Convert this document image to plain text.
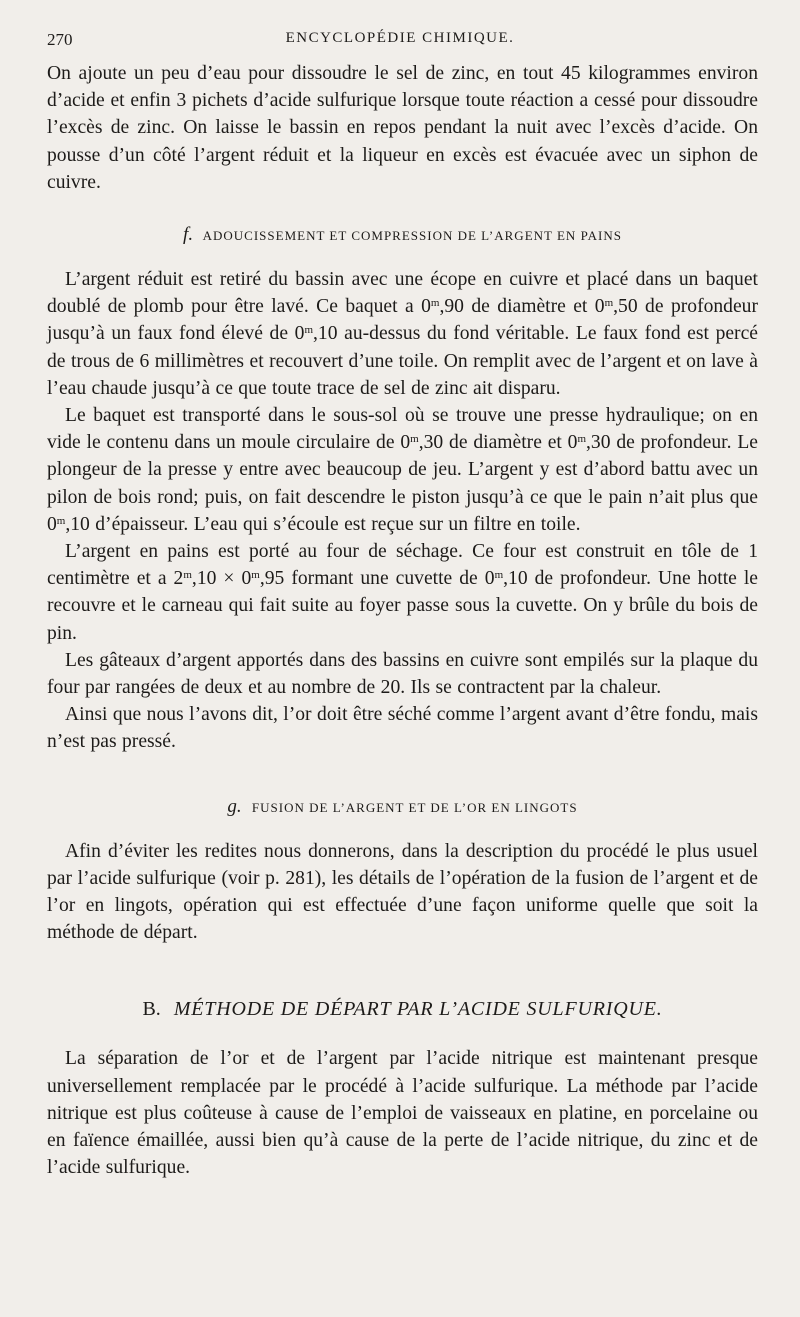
270	ENCYCLOPÉDIE CHIMIQUE.

On ajoute un peu d’eau pour dissoudre le sel de zinc, en tout 45 kilogrammes environ d’acide et enfin 3 pichets d’acide sulfurique lorsque toute réaction a cessé pour dissoudre l’excès de zinc. On laisse le bassin en repos pendant la nuit avec l’excès d’acide. On pousse d’un côté l’argent réduit et la liqueur en excès est évacuée avec un siphon de cuivre.

f. ADOUCISSEMENT ET COMPRESSION DE L’ARGENT EN PAINS

L’argent réduit est retiré du bassin avec une écope en cuivre et placé dans un baquet doublé de plomb pour être lavé. Ce baquet a 0$^m$,90 de diamètre et 0$^m$,50 de profondeur jusqu’à un faux fond élevé de 0$^m$,10 au-dessus du fond véritable. Le faux fond est percé de trous de 6 millimètres et recouvert d’une toile. On remplit avec de l’argent et on lave à l’eau chaude jusqu’à ce que toute trace de sel de zinc ait disparu.

Le baquet est transporté dans le sous-sol où se trouve une presse hydraulique; on en vide le contenu dans un moule circulaire de 0$^m$,30 de diamètre et 0$^m$,30 de profondeur. Le plongeur de la presse y entre avec beaucoup de jeu. L’argent y est d’abord battu avec un pilon de bois rond; puis, on fait descendre le piston jusqu’à ce que le pain n’ait plus que 0$^m$,10 d’épaisseur. L’eau qui s’écoule est reçue sur un filtre en toile.

L’argent en pains est porté au four de séchage. Ce four est construit en tôle de 1 centimètre et a $2^m,10 \times 0^m,95$ formant une cuvette de 0$^m$,10 de profondeur. Une hotte le recouvre et le carneau qui fait suite au foyer passe sous la cuvette. On y brûle du bois de pin.

Les gâteaux d’argent apportés dans des bassins en cuivre sont empilés sur la plaque du four par rangées de deux et au nombre de 20. Ils se contractent par la chaleur.

Ainsi que nous l’avons dit, l’or doit être séché comme l’argent avant d’être fondu, mais n’est pas pressé.

g. FUSION DE L’ARGENT ET DE L’OR EN LINGOTS

Afin d’éviter les redites nous donnerons, dans la description du procédé le plus usuel par l’acide sulfurique (voir p. 281), les détails de l’opération de la fusion de l’argent et de l’or en lingots, opération qui est effectuée d’une façon uniforme quelle que soit la méthode de départ.

B. MÉTHODE DE DÉPART PAR L’ACIDE SULFURIQUE.

La séparation de l’or et de l’argent par l’acide nitrique est maintenant presque universellement remplacée par le procédé à l’acide sulfurique. La méthode par l’acide nitrique est plus coûteuse à cause de l’emploi de vaisseaux en platine, en porcelaine ou en faïence émaillée, aussi bien qu’à cause de la perte de l’acide nitrique, du zinc et de l’acide sulfurique.
